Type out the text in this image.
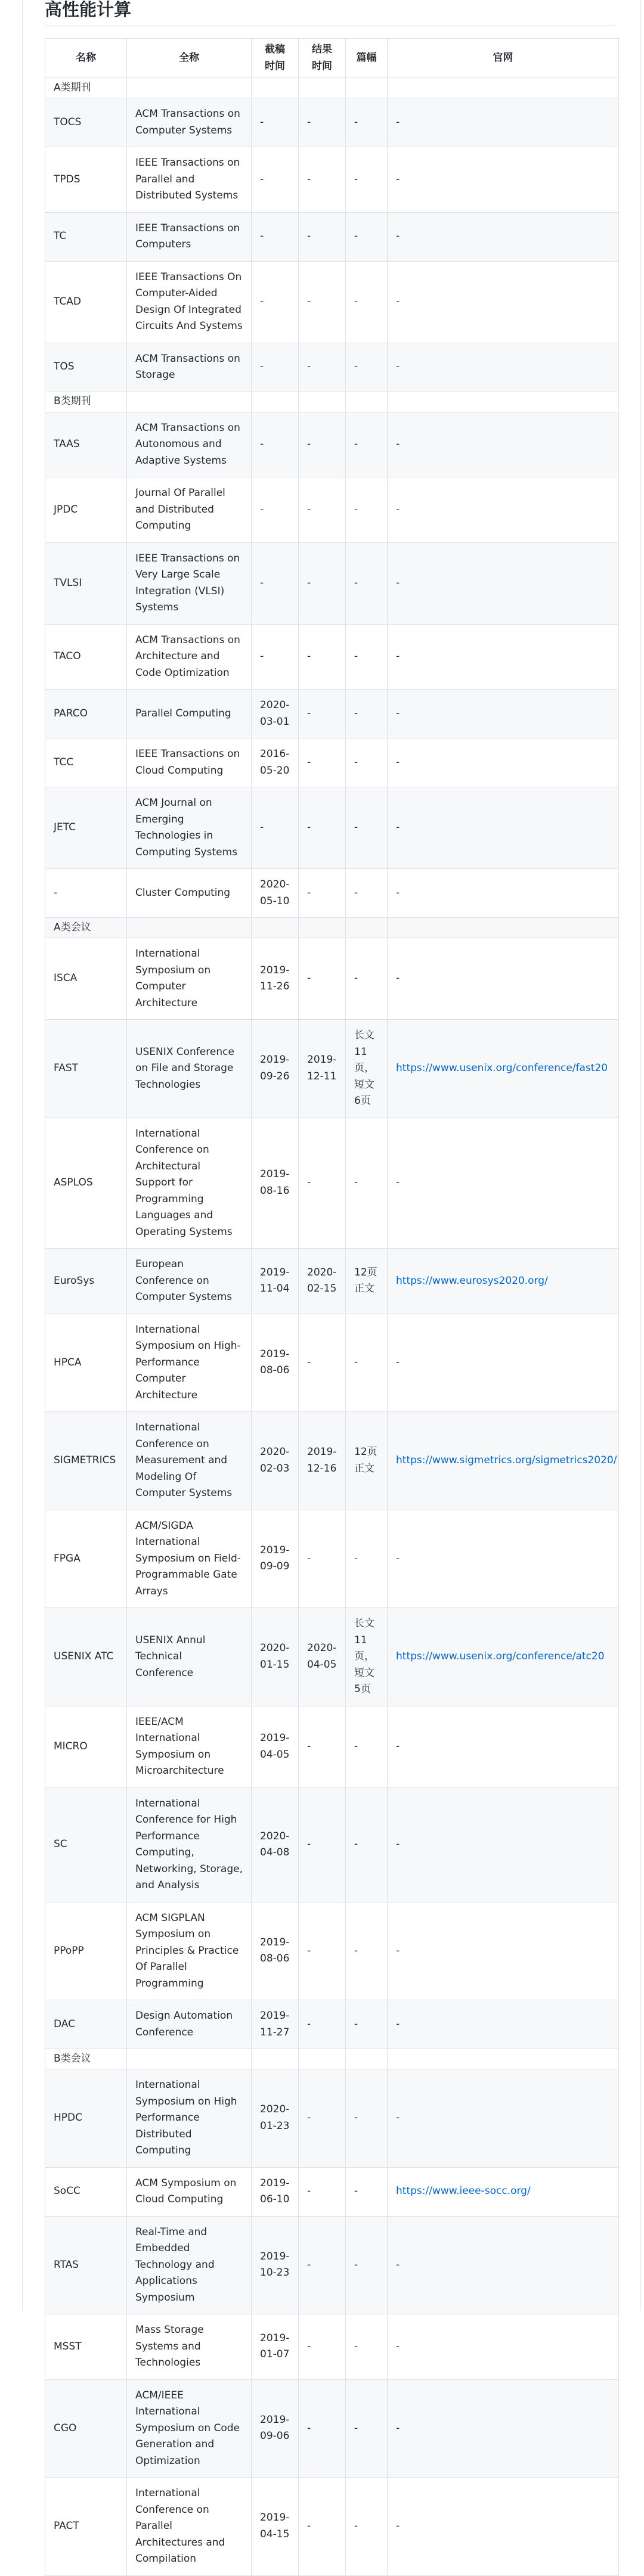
高性能计算
名称	全称	截稿时间	结果时间	篇幅	官网
A类期刊					
TOCS	ACM Transactions on Computer Systems	-	-	-	-
TPDS	IEEE Transactions on Parallel and Distributed Systems	-	-	-	-
TC	IEEE Transactions on Computers	-	-	-	-
TCAD	IEEE Transactions On Computer-Aided Design Of Integrated Circuits And Systems	-	-	-	-
TOS	ACM Transactions on Storage	-	-	-	-
B类期刊					
TAAS	ACM Transactions on Autonomous and Adaptive Systems	-	-	-	-
JPDC	Journal Of Parallel and Distributed Computing	-	-	-	-
TVLSI	IEEE Transactions on Very Large Scale Integration (VLSI) Systems	-	-	-	-
TACO	ACM Transactions on Architecture and Code Optimization	-	-	-	-
PARCO	Parallel Computing	2020-03-01	-	-	-
TCC	IEEE Transactions on Cloud Computing	2016-05-20	-	-	-
JETC	ACM Journal on Emerging Technologies in Computing Systems	-	-	-	-
-	Cluster Computing	2020-05-10	-	-	-
A类会议					
ISCA	International Symposium on Computer Architecture	2019-11-26	-	-	-
FAST	USENIX Conference on File and Storage Technologies	2019-09-26	2019-12-11	长文11页，短文6页	https://www.usenix.org/conference/fast20
ASPLOS	International Conference on Architectural Support for Programming Languages and Operating Systems	2019-08-16	-	-	-
EuroSys	European Conference on Computer Systems	2019-11-04	2020-02-15	12页正文	https://www.eurosys2020.org/
HPCA	International Symposium on High-Performance Computer Architecture	2019-08-06	-	-	-
SIGMETRICS	International Conference on Measurement and Modeling Of Computer Systems	2020-02-03	2019-12-16	12页正文	https://www.sigmetrics.org/sigmetrics2020/
FPGA	ACM/SIGDA International Symposium on Field-Programmable Gate Arrays	2019-09-09	-	-	-
USENIX ATC	USENIX Annul Technical Conference	2020-01-15	2020-04-05	长文11页，短文5页	https://www.usenix.org/conference/atc20
MICRO	IEEE/ACM International Symposium on Microarchitecture	2019-04-05	-	-	-
SC	International Conference for High Performance Computing, Networking, Storage, and Analysis	2020-04-08	-	-	-
PPoPP	ACM SIGPLAN Symposium on Principles & Practice Of Parallel Programming	2019-08-06	-	-	-
DAC	Design Automation Conference	2019-11-27	-	-	-
B类会议					
HPDC	International Symposium on High Performance Distributed Computing	2020-01-23	-	-	-
SoCC	ACM Symposium on Cloud Computing	2019-06-10	-	-	https://www.ieee-socc.org/
RTAS	Real-Time and Embedded Technology and Applications Symposium	2019-10-23	-	-	-
MSST	Mass Storage Systems and Technologies	2019-01-07	-	-	-
CGO	ACM/IEEE International Symposium on Code Generation and Optimization	2019-09-06	-	-	-
PACT	International Conference on Parallel Architectures and Compilation	2019-04-15	-	-	-
